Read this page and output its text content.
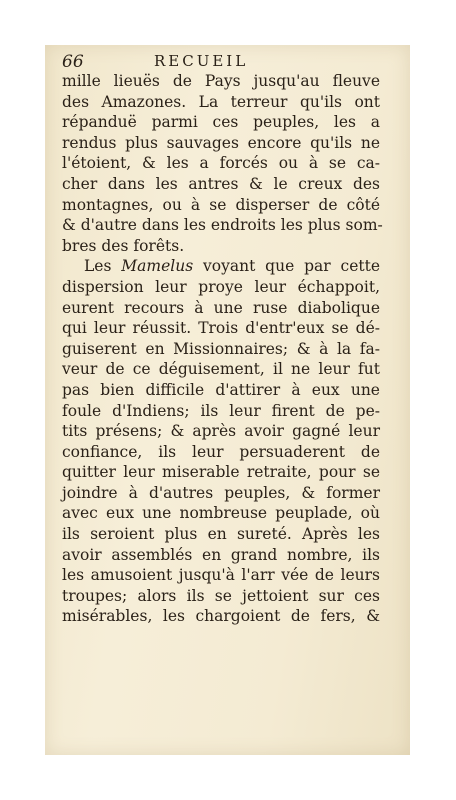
66	RECUEIL
mille lieuës de Pays jusqu'au fleuve
des Amazones. La terreur qu'ils ont
répanduë parmi ces peuples, les a
rendus plus sauvages encore qu'ils ne
l'étoient, & les a forcés ou à se ca-
cher dans les antres & le creux des
montagnes, ou à se disperser de côté
& d'autre dans les endroits les plus som-
bres des forêts.
Les Mamelus voyant que par cette
dispersion leur proye leur échappoit,
eurent recours à une ruse diabolique
qui leur réussit. Trois d'entr'eux se dé-
guiserent en Missionnaires; & à la fa-
veur de ce déguisement, il ne leur fut
pas bien difficile d'attirer à eux une
foule d'Indiens; ils leur firent de pe-
tits présens; & après avoir gagné leur
confiance, ils leur persuaderent de
quitter leur miserable retraite, pour se
joindre à d'autres peuples, & former
avec eux une nombreuse peuplade, où
ils seroient plus en sureté. Après les
avoir assemblés en grand nombre, ils
les amusoient jusqu'à l'arr vée de leurs
troupes; alors ils se jettoient sur ces
misérables, les chargoient de fers, &
